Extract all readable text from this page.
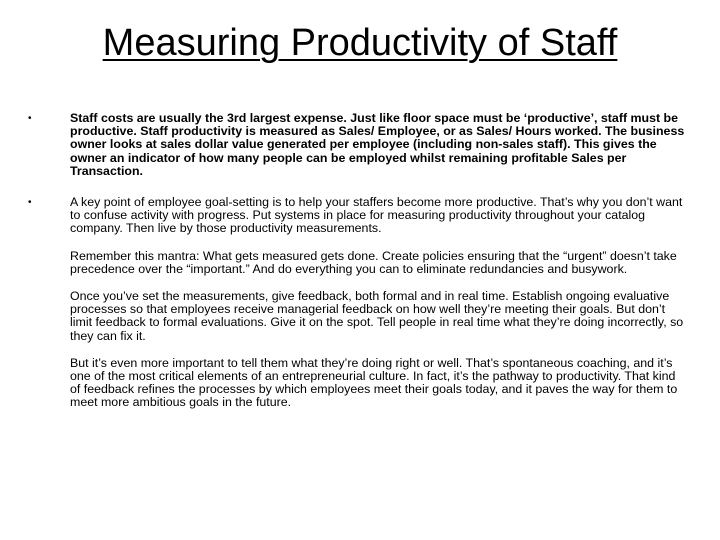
Measuring Productivity of Staff
•	Staff costs are usually the 3rd largest expense. Just like floor space must be ‘productive’, staff must be productive. Staff productivity is measured as Sales/ Employee, or as Sales/ Hours worked. The business owner looks at sales dollar value generated per employee (including non-sales staff). This gives the owner an indicator of how many people can be employed whilst remaining profitable Sales per Transaction.

•	A key point of employee goal-setting is to help your staffers become more productive. That’s why you don’t want to confuse activity with progress. Put systems in place for measuring productivity throughout your catalog company. Then live by those productivity measurements.

Remember this mantra: What gets measured gets done. Create policies ensuring that the “urgent” doesn’t take precedence over the “important.” And do everything you can to eliminate redundancies and busywork.

Once you’ve set the measurements, give feedback, both formal and in real time. Establish ongoing evaluative processes so that employees receive managerial feedback on how well they’re meeting their goals. But don’t limit feedback to formal evaluations. Give it on the spot. Tell people in real time what they’re doing incorrectly, so they can fix it.

But it’s even more important to tell them what they’re doing right or well. That’s spontaneous coaching, and it’s one of the most critical elements of an entrepreneurial culture. In fact, it’s the pathway to productivity. That kind of feedback refines the processes by which employees meet their goals today, and it paves the way for them to meet more ambitious goals in the future.
